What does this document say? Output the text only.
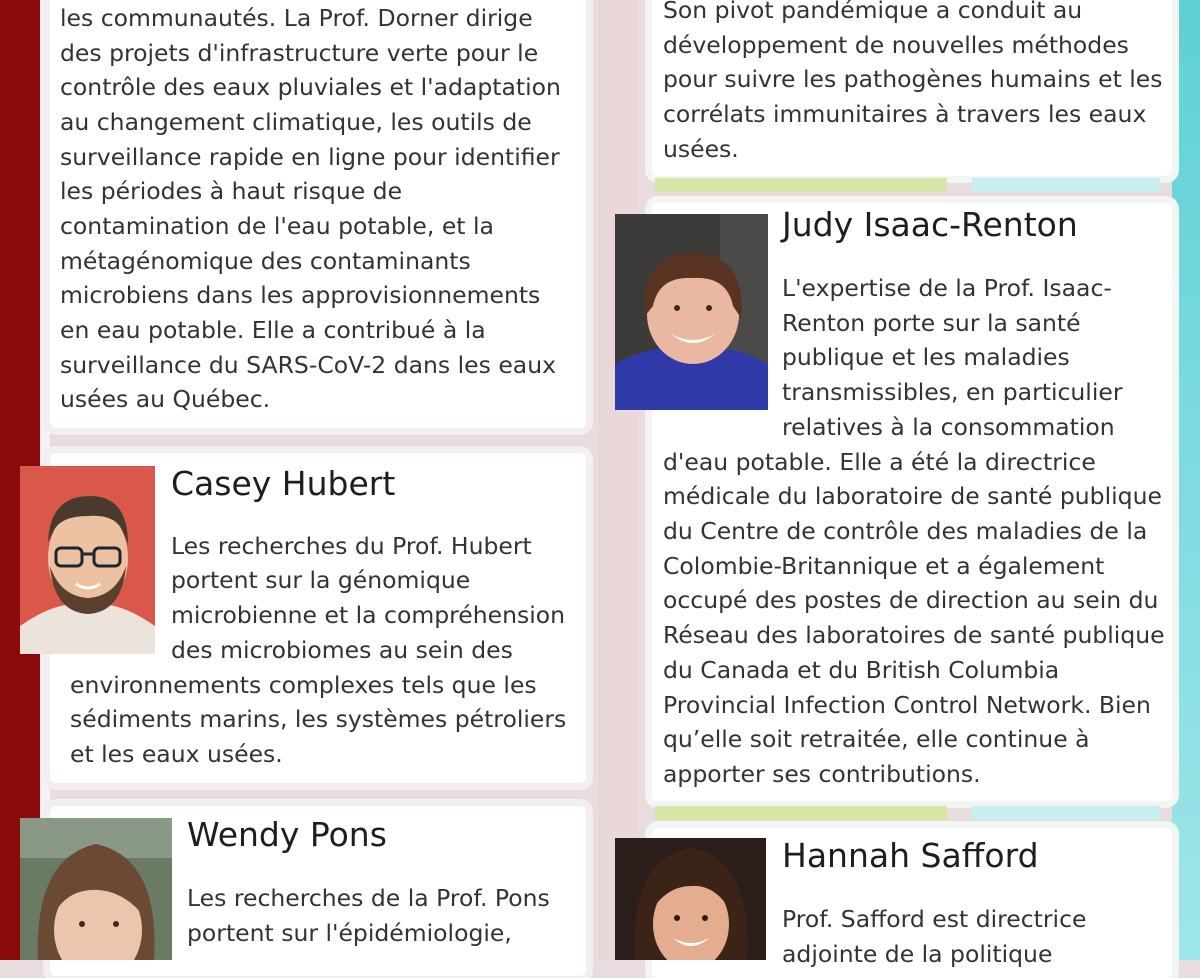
les communautés. La Prof. Dorner dirige

des projets d'infrastructure verte pour le

contrôle des eaux pluviales et l'adaptation

au changement climatique, les outils de

surveillance rapide en ligne pour identifier

les périodes à haut risque de

contamination de l'eau potable, et la

métagénomique des contaminants

microbiens dans les approvisionnements

en eau potable. Elle a contribué à la

surveillance du SARS-CoV-2 dans les eaux

usées au Québec.

Son pivot pandémique a conduit au

développement de nouvelles méthodes

pour suivre les pathogènes humains et les

corrélats immunitaires à travers les eaux

usées.

Casey Hubert

Les recherches du Prof. Hubert

portent sur la génomique

microbienne et la compréhension

des microbiomes au sein des

environnements complexes tels que les

sédiments marins, les systèmes pétroliers

et les eaux usées.

Judy Isaac-Renton

L'expertise de la Prof. Isaac-

Renton porte sur la santé

publique et les maladies

transmissibles, en particulier

relatives à la consommation

d'eau potable. Elle a été la directrice

médicale du laboratoire de santé publique

du Centre de contrôle des maladies de la

Colombie-Britannique et a également

occupé des postes de direction au sein du

Réseau des laboratoires de santé publique

du Canada et du British Columbia

Provincial Infection Control Network. Bien

qu’elle soit retraitée, elle continue à

apporter ses contributions.

Wendy Pons

Les recherches de la Prof. Pons

portent sur l'épidémiologie,

Hannah Safford

Prof. Safford est directrice

adjointe de la politique
